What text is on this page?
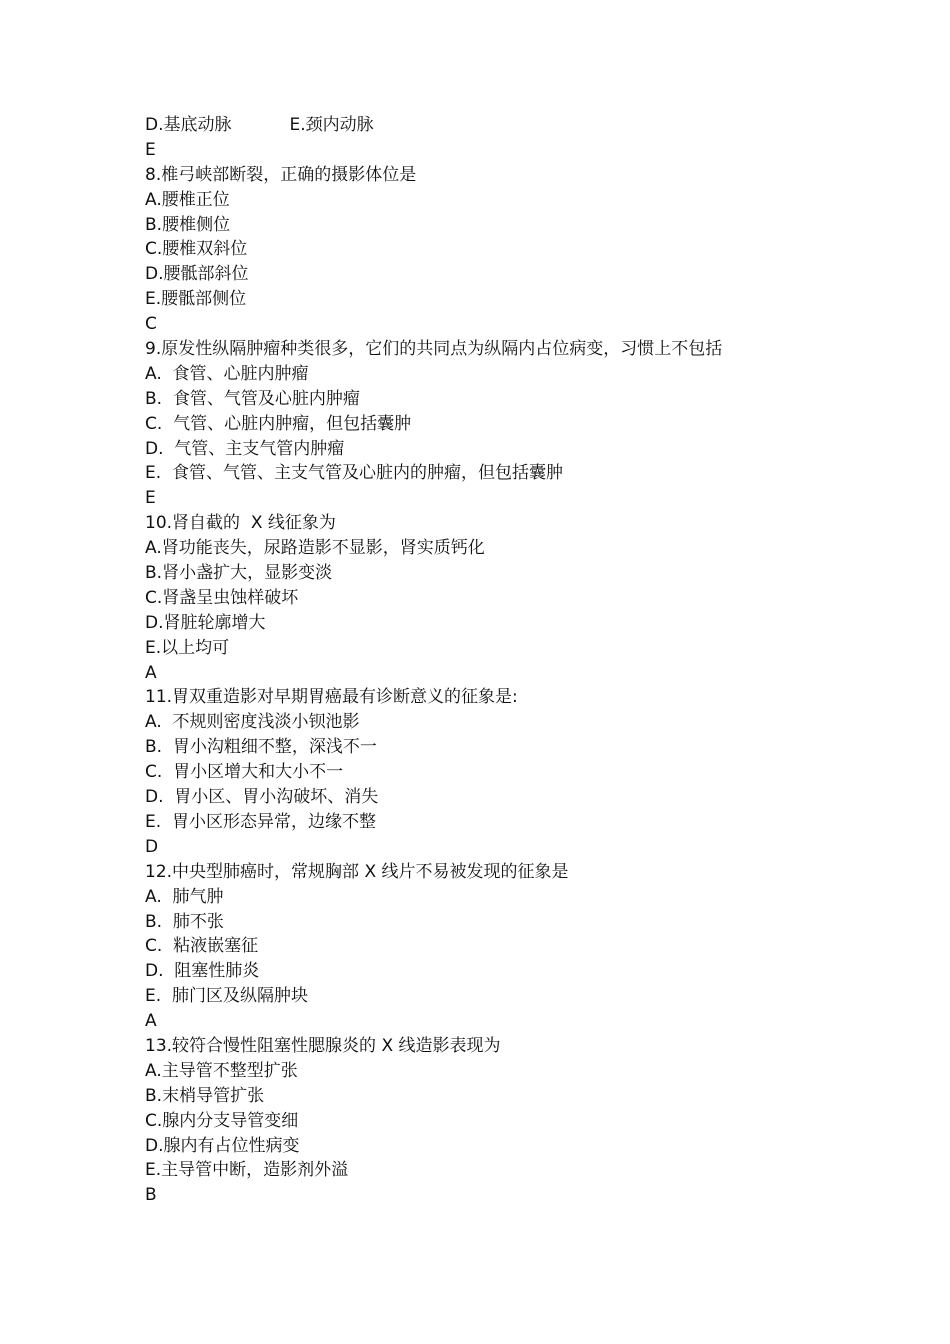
D.基底动脉	E.颈内动脉
E
8.椎弓峡部断裂，正确的摄影体位是
A.腰椎正位
B.腰椎侧位
C.腰椎双斜位
D.腰骶部斜位
E.腰骶部侧位
C
9.原发性纵隔肿瘤种类很多，它们的共同点为纵隔内占位病变，习惯上不包括
A.  食管、心脏内肿瘤
B.  食管、气管及心脏内肿瘤
C.  气管、心脏内肿瘤，但包括囊肿
D.  气管、主支气管内肿瘤
E.  食管、气管、主支气管及心脏内的肿瘤，但包括囊肿
E
10.肾自截的  X 线征象为
A.肾功能丧失，尿路造影不显影，肾实质钙化
B.肾小盏扩大，显影变淡
C.肾盏呈虫蚀样破坏
D.肾脏轮廓增大
E.以上均可
A
11.胃双重造影对早期胃癌最有诊断意义的征象是:
A.  不规则密度浅淡小钡池影
B.  胃小沟粗细不整，深浅不一
C.  胃小区增大和大小不一
D.  胃小区、胃小沟破坏、消失
E.  胃小区形态异常，边缘不整
D
12.中央型肺癌时，常规胸部 X 线片不易被发现的征象是
A.  肺气肿
B.  肺不张
C.  粘液嵌塞征
D.  阻塞性肺炎
E.  肺门区及纵隔肿块
A
13.较符合慢性阻塞性腮腺炎的 X 线造影表现为
A.主导管不整型扩张
B.末梢导管扩张
C.腺内分支导管变细
D.腺内有占位性病变
E.主导管中断，造影剂外溢
B
